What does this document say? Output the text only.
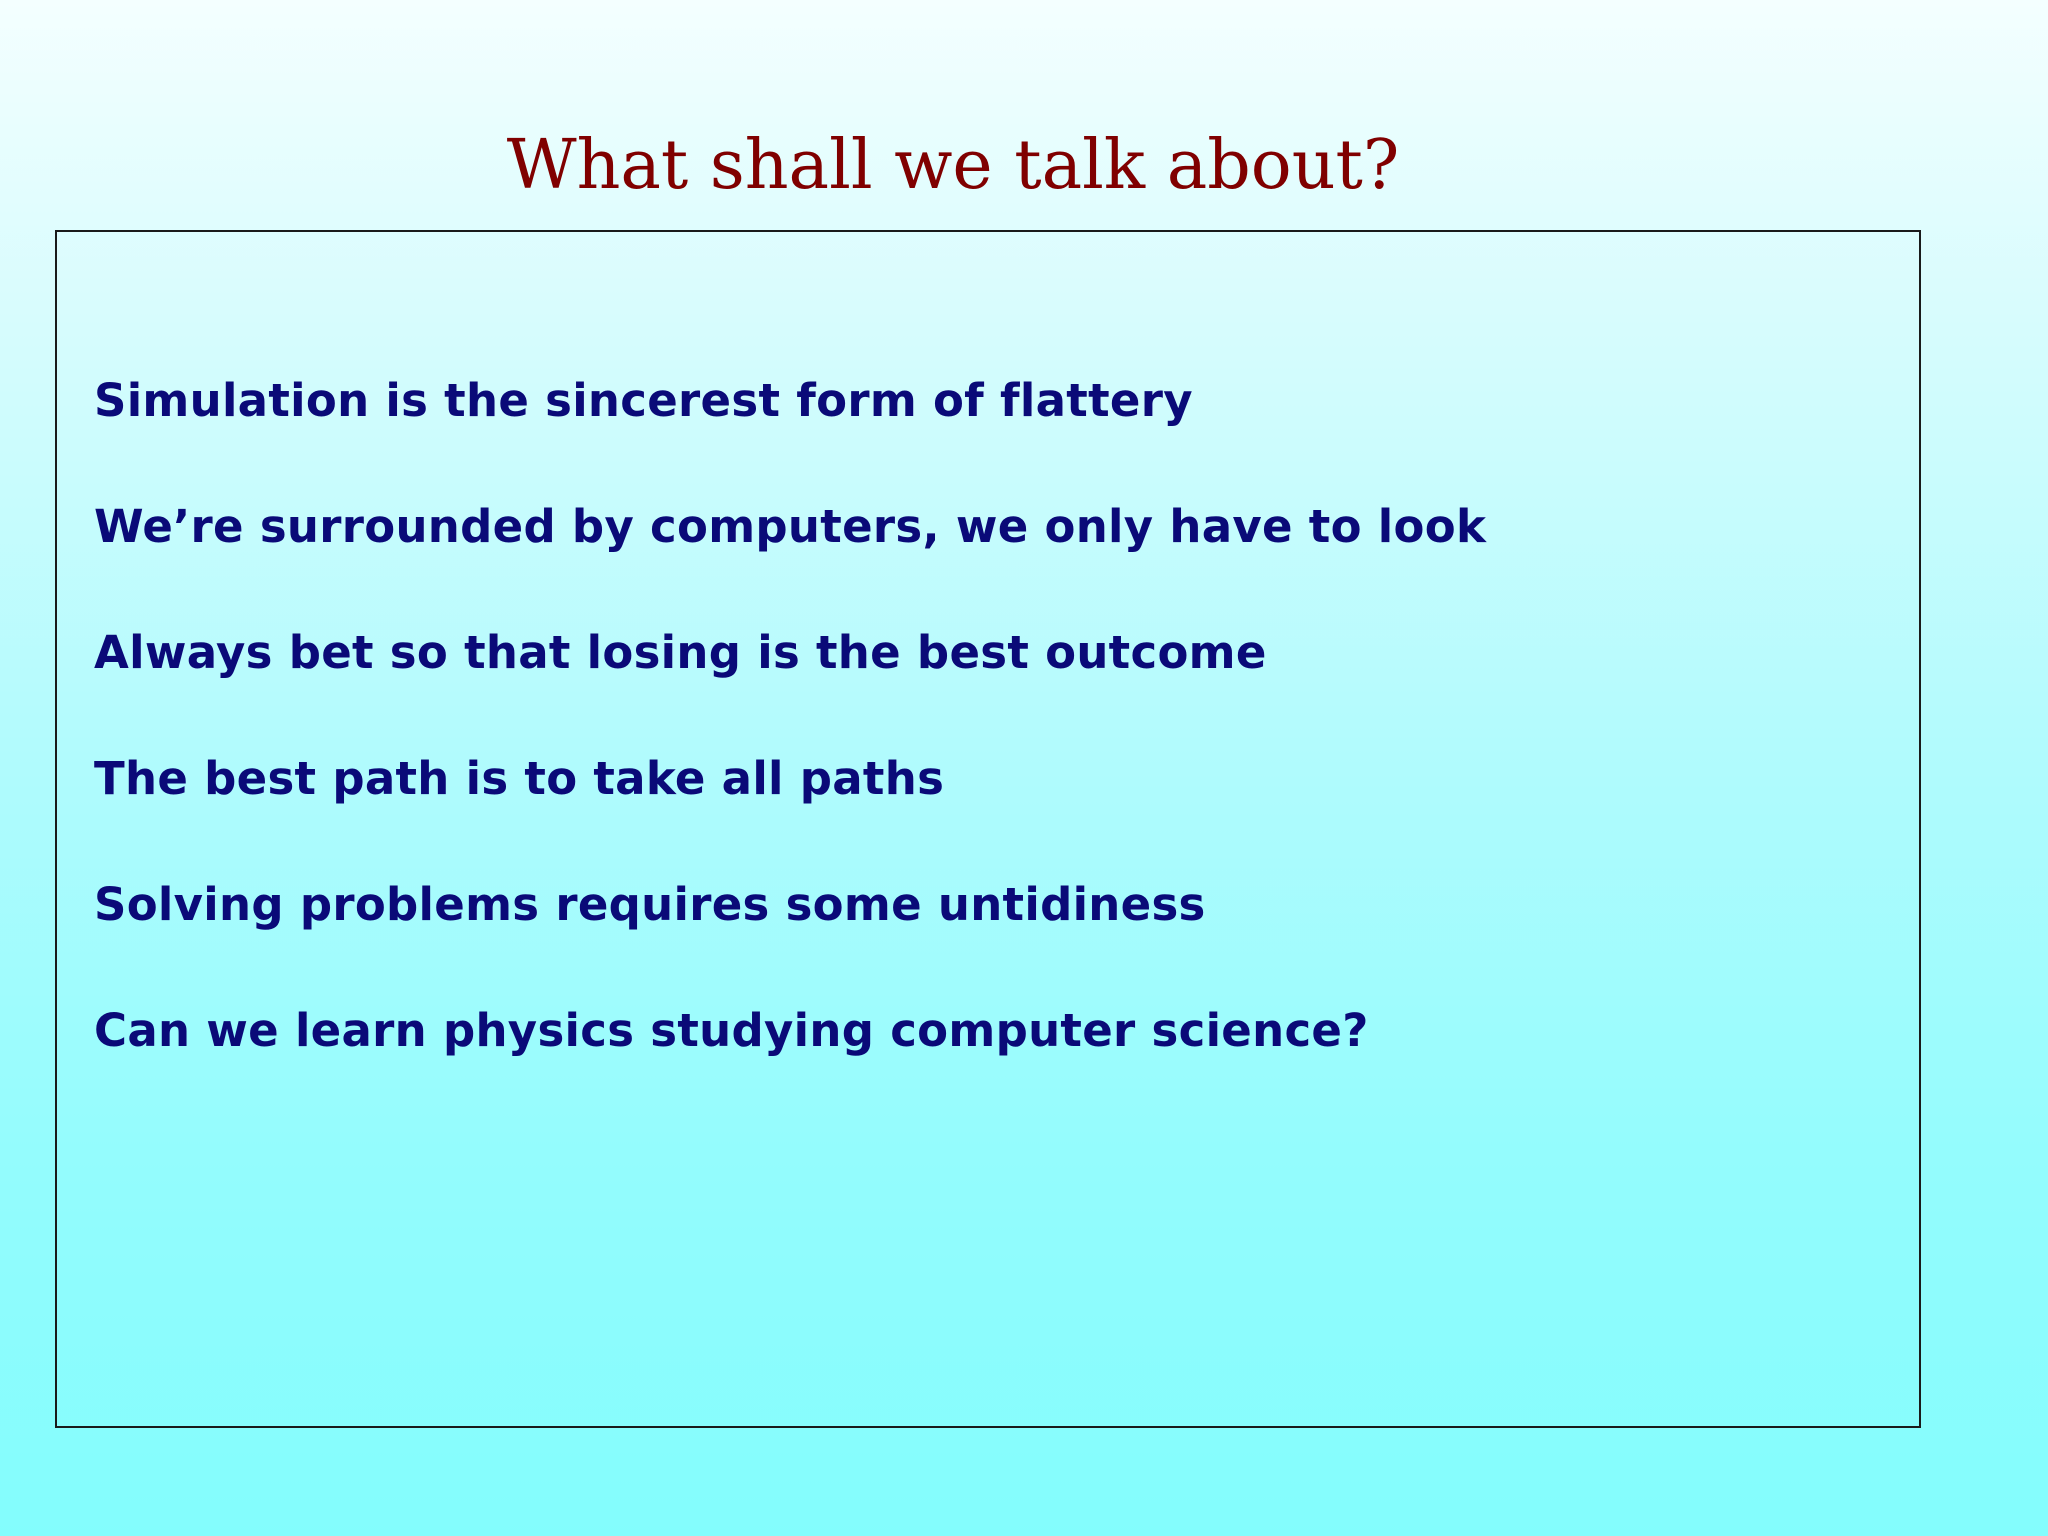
What shall we talk about?
Simulation is the sincerest form of flattery
We’re surrounded by computers, we only have to look
Always bet so that losing is the best outcome
The best path is to take all paths
Solving problems requires some untidiness
Can we learn physics studying computer science?
